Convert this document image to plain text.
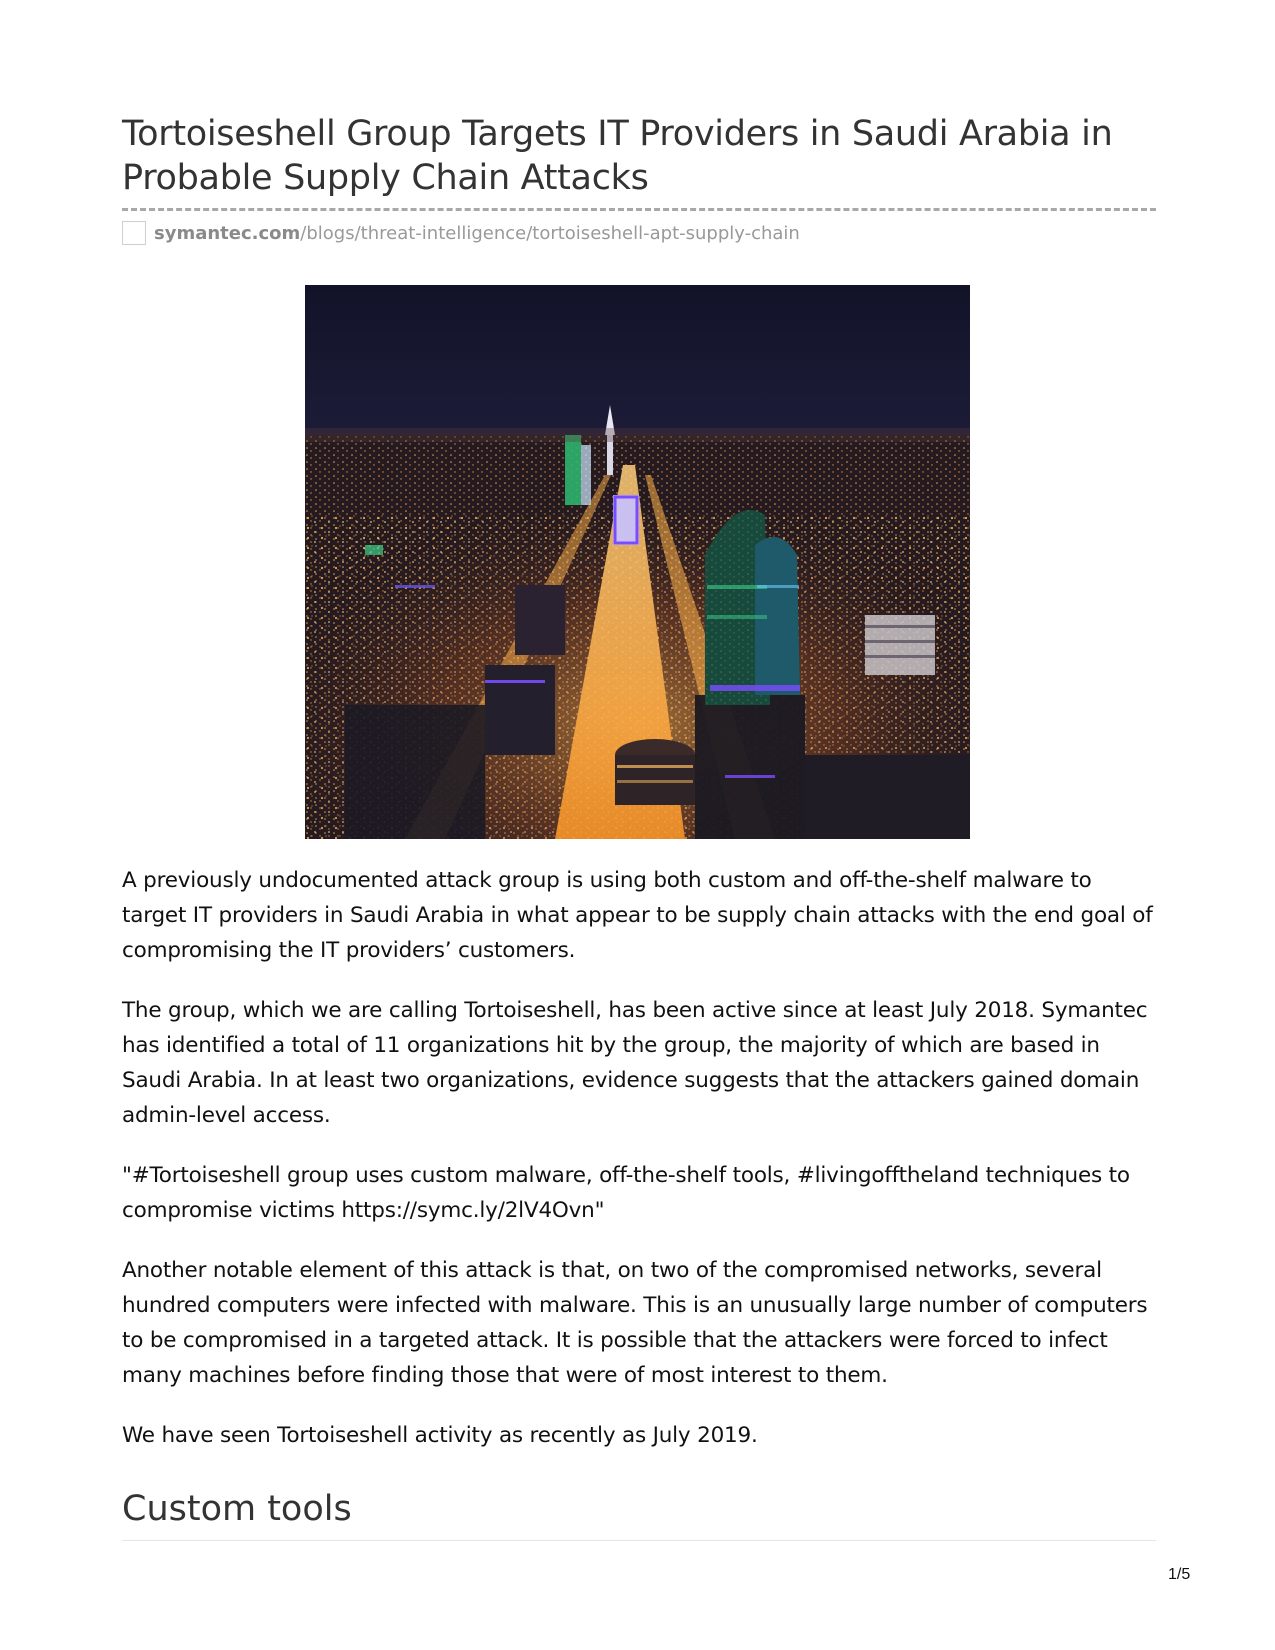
Tortoiseshell Group Targets IT Providers in Saudi Arabia in Probable Supply Chain Attacks
symantec.com/blogs/threat-intelligence/tortoiseshell-apt-supply-chain

A previously undocumented attack group is using both custom and off-the-shelf malware to target IT providers in Saudi Arabia in what appear to be supply chain attacks with the end goal of compromising the IT providers’ customers.

The group, which we are calling Tortoiseshell, has been active since at least July 2018. Symantec has identified a total of 11 organizations hit by the group, the majority of which are based in Saudi Arabia. In at least two organizations, evidence suggests that the attackers gained domain admin-level access.

"#Tortoiseshell group uses custom malware, off-the-shelf tools, #livingofftheland techniques to compromise victims https://symc.ly/2lV4Ovn"

Another notable element of this attack is that, on two of the compromised networks, several hundred computers were infected with malware. This is an unusually large number of computers to be compromised in a targeted attack. It is possible that the attackers were forced to infect many machines before finding those that were of most interest to them.

We have seen Tortoiseshell activity as recently as July 2019.

Custom tools
1/5
